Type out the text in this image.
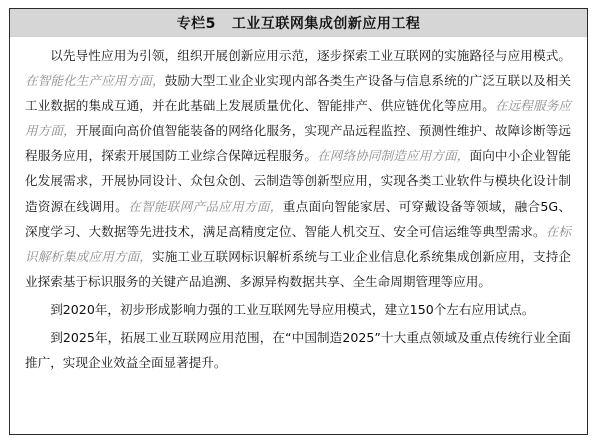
专栏5 工业互联网集成创新应用工程

以先导性应用为引领，组织开展创新应用示范，逐步探索工业互联网的实施路径与应用模式。在智能化生产应用方面，鼓励大型工业企业实现内部各类生产设备与信息系统的广泛互联以及相关工业数据的集成互通，并在此基础上发展质量优化、智能排产、供应链优化等应用。在远程服务应用方面，开展面向高价值智能装备的网络化服务，实现产品远程监控、预测性维护、故障诊断等远程服务应用，探索开展国防工业综合保障远程服务。在网络协同制造应用方面，面向中小企业智能化发展需求，开展协同设计、众包众创、云制造等创新型应用，实现各类工业软件与模块化设计制造资源在线调用。在智能联网产品应用方面，重点面向智能家居、可穿戴设备等领域，融合5G、深度学习、大数据等先进技术，满足高精度定位、智能人机交互、安全可信运维等典型需求。在标识解析集成应用方面，实施工业互联网标识解析系统与工业企业信息化系统集成创新应用，支持企业探索基于标识服务的关键产品追溯、多源异构数据共享、全生命周期管理等应用。

到2020年，初步形成影响力强的工业互联网先导应用模式，建立150个左右应用试点。

到2025年，拓展工业互联网应用范围，在“中国制造2025”十大重点领域及重点传统行业全面推广，实现企业效益全面显著提升。
